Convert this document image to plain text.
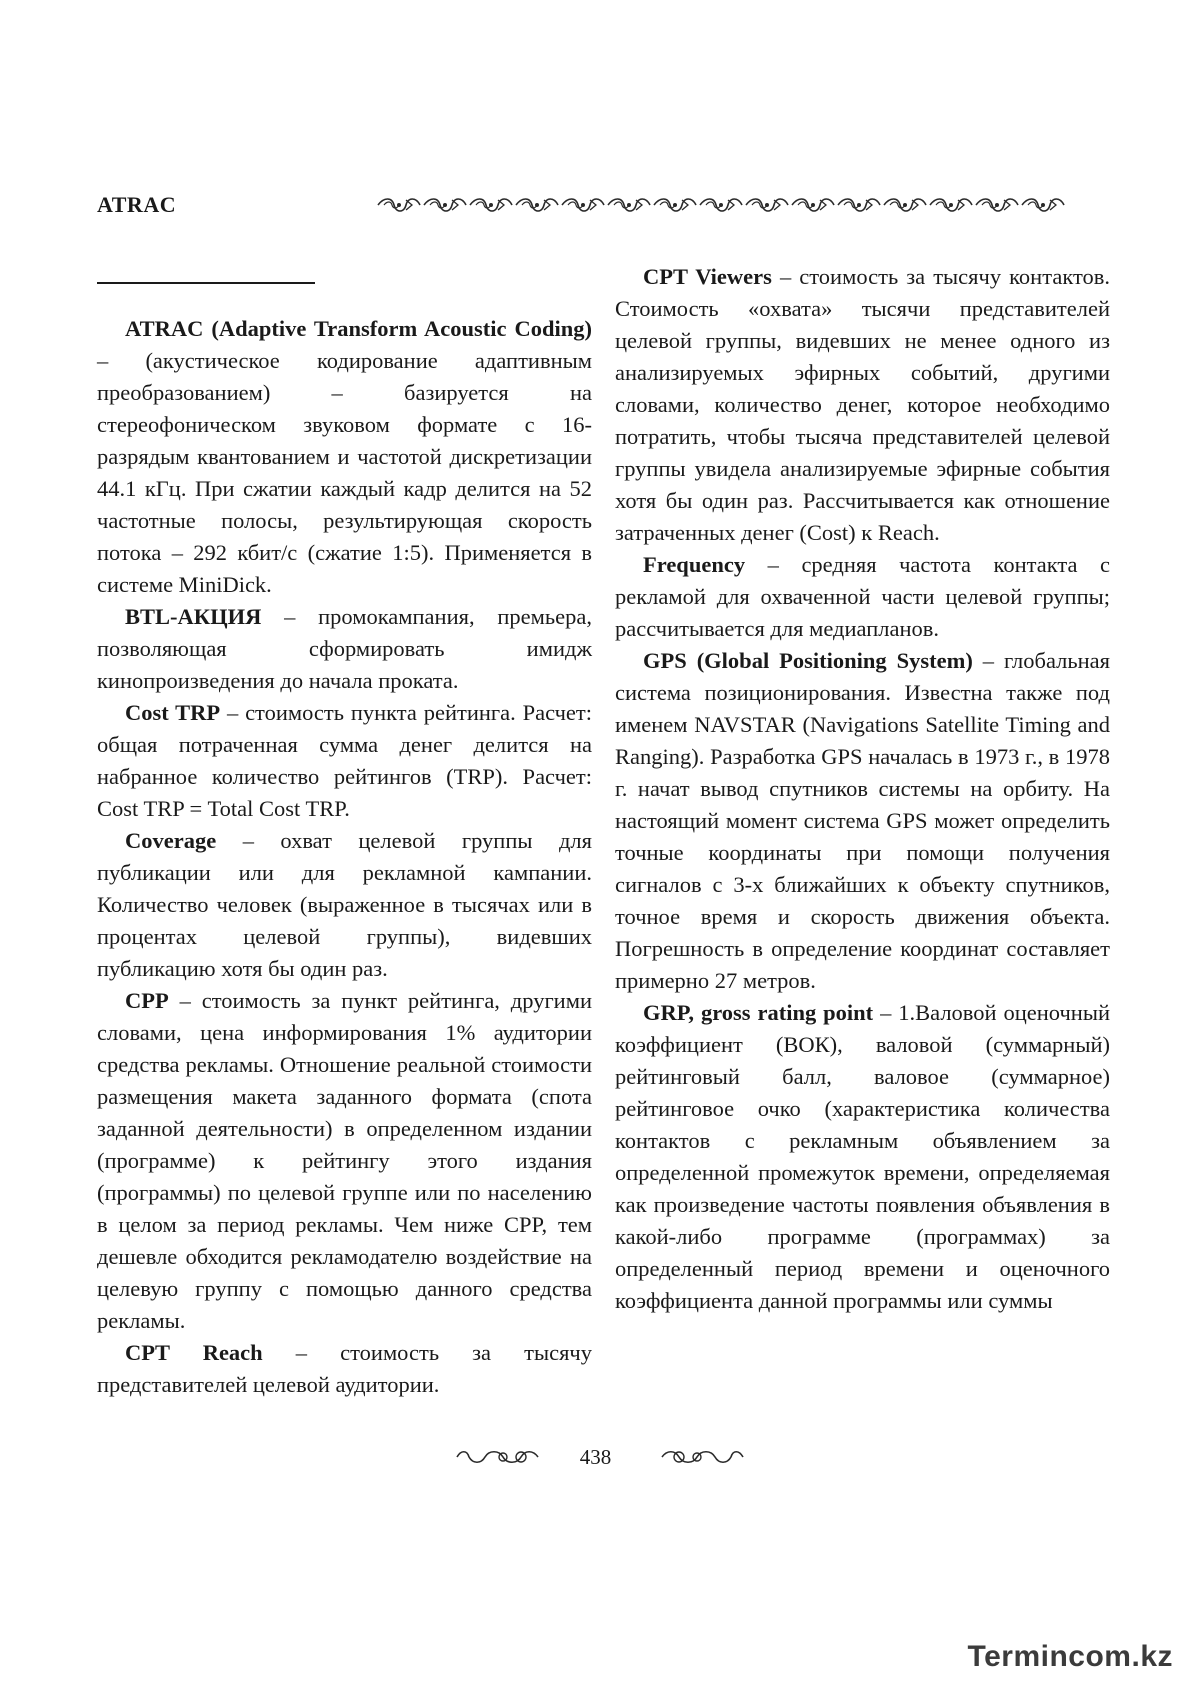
ATRAC

ATRAC (Adaptive Transform Acoustic Coding) – (акустическое кодирование адаптивным преобразованием) – базируется на стереофоническом звуковом формате с 16-разрядым квантованием и частотой дискретизации 44.1 кГц. При сжатии каждый кадр делится на 52 частотные полосы, результирующая скорость потока – 292 кбит/с (сжатие 1:5). Применяется в системе MiniDick.

BTL-АКЦИЯ – промокампания, премьера, позволяющая сформировать имидж кинопроизведения до начала проката.

Cost TRP – стоимость пункта рейтинга. Расчет: общая потраченная сумма денег делится на набранное количество рейтингов (TRP). Расчет: Cost TRP = Total Cost TRP.

Coverage – охват целевой группы для публикации или для рекламной кампании. Количество человек (выраженное в тысячах или в процентах целевой группы), видевших публикацию хотя бы один раз.

CPP – стоимость за пункт рейтинга, другими словами, цена информирования 1% аудитории средства рекламы. Отношение реальной стоимости размещения макета заданного формата (спота заданной деятельности) в определенном издании (программе) к рейтингу этого издания (программы) по целевой группе или по населению в целом за период рекламы. Чем ниже CPP, тем дешевле обходится рекламодателю воздействие на целевую группу с помощью данного средства рекламы.

CPT Reach – стоимость за тысячу представителей целевой аудитории.

CPT Viewers – стоимость за тысячу контактов. Стоимость «охвата» тысячи представителей целевой группы, видевших не менее одного из анализируемых эфирных событий, другими словами, количество денег, которое необходимо потратить, чтобы тысяча представителей целевой группы увидела анализируемые эфирные события хотя бы один раз. Рассчитывается как отношение затраченных денег (Cost) к Reach.

Frequency – средняя частота контакта с рекламой для охваченной части целевой группы; рассчитывается для медиапланов.

GPS (Global Positioning System) – глобальная система позиционирования. Известна также под именем NAVSTAR (Navigations Satellite Timing and Ranging). Разработка GPS началась в 1973 г., в 1978 г. начат вывод спутников системы на орбиту. На настоящий момент система GPS может определить точные координаты при помощи получения сигналов с 3-х ближайших к объекту спутников, точное время и скорость движения объекта. Погрешность в определение координат составляет примерно 27 метров.

GRP, gross rating point – 1.Валовой оценочный коэффициент (ВОК), валовой (суммарный) рейтинговый балл, валовое (суммарное) рейтинговое очко (характеристика количества контактов с рекламным объявлением за определенной промежуток времени, определяемая как произведение частоты появления объявления в какой-либо программе (программах) за определенный период времени и оценочного коэффициента данной программы или суммы

438
Termincom.kz
